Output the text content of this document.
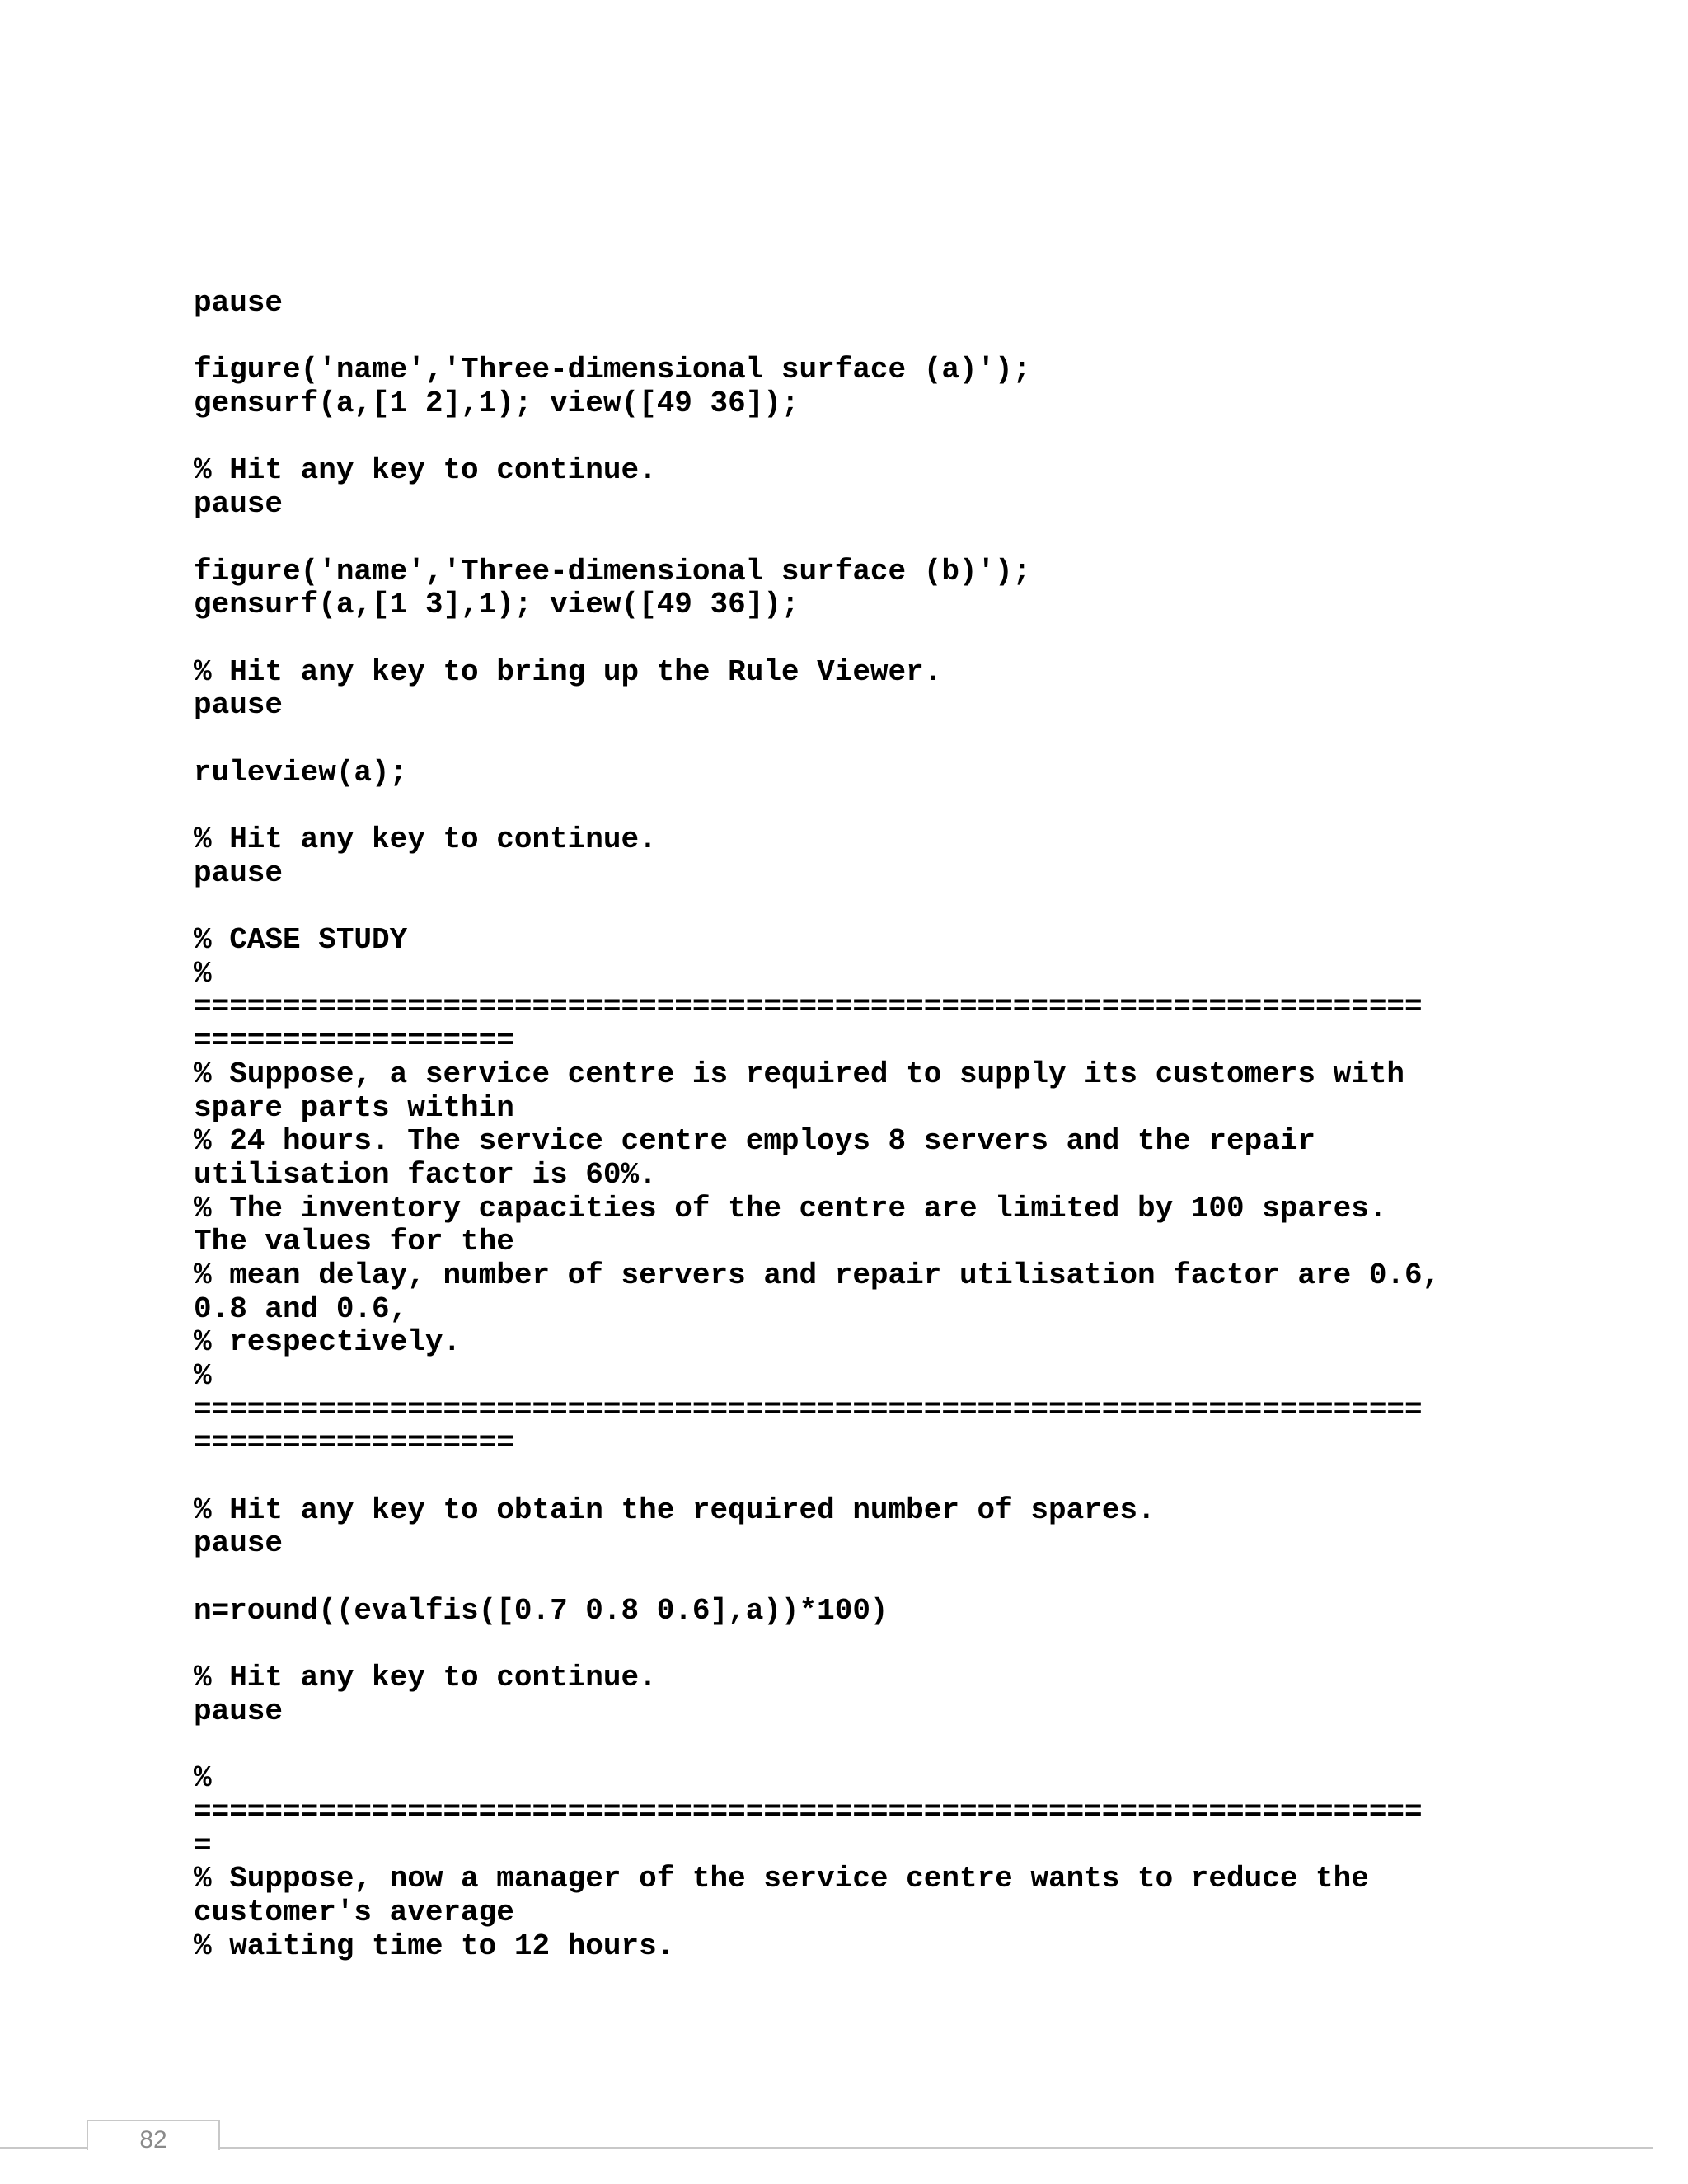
pause
figure('name','Three-dimensional surface (a)');
gensurf(a,[1 2],1); view([49 36]);
% Hit any key to continue.
pause
figure('name','Three-dimensional surface (b)');
gensurf(a,[1 3],1); view([49 36]);
% Hit any key to bring up the Rule Viewer.
pause
ruleview(a);
% Hit any key to continue.
pause
% CASE STUDY
%
=====================================================================
==================
% Suppose, a service centre is required to supply its customers with
spare parts within
% 24 hours. The service centre employs 8 servers and the repair
utilisation factor is 60%.
% The inventory capacities of the centre are limited by 100 spares.
The values for the
% mean delay, number of servers and repair utilisation factor are 0.6,
0.8 and 0.6,
% respectively.
%
=====================================================================
==================
% Hit any key to obtain the required number of spares.
pause
n=round((evalfis([0.7 0.8 0.6],a))*100)
% Hit any key to continue.
pause
%
=====================================================================
=
% Suppose, now a manager of the service centre wants to reduce the
customer's average
% waiting time to 12 hours.
82
